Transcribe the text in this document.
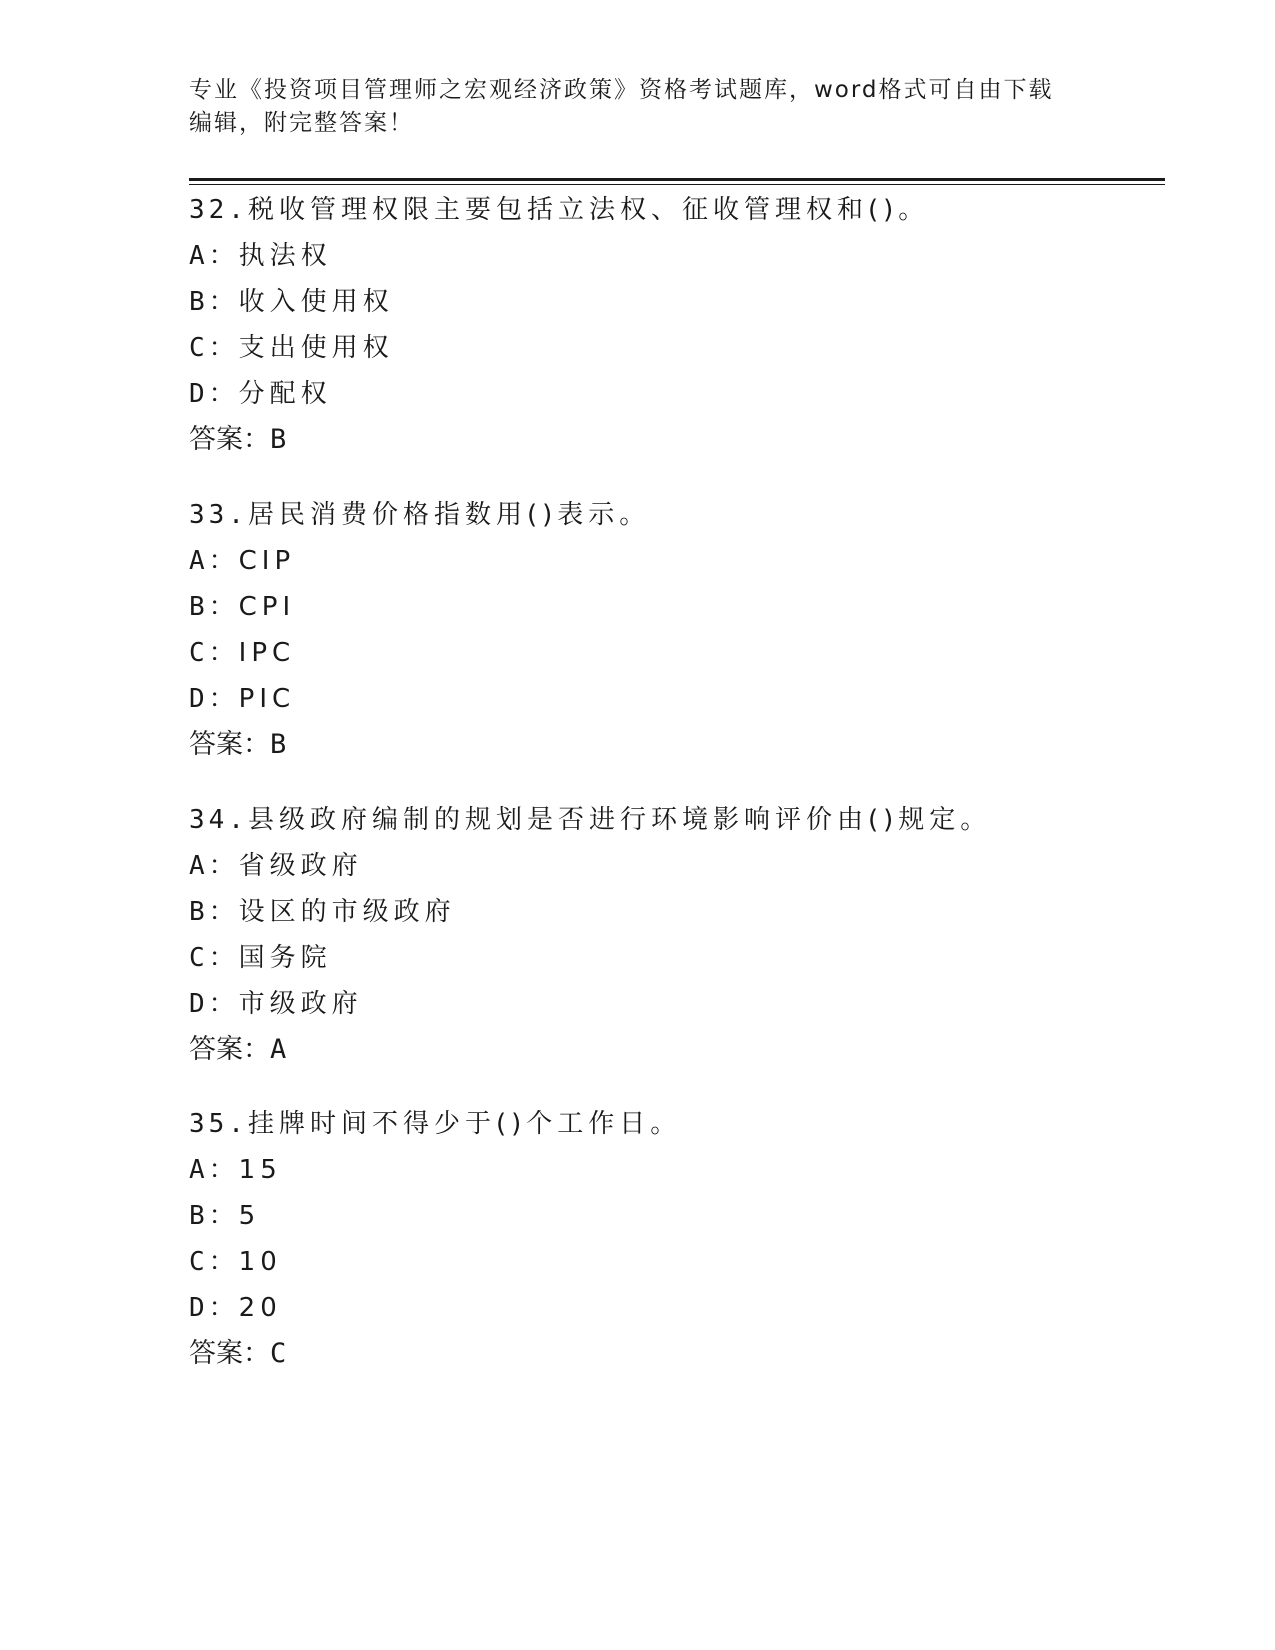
专业《投资项目管理师之宏观经济政策》资格考试题库，word格式可自由下载编辑，附完整答案！
32.税收管理权限主要包括立法权、征收管理权和()。
A：执法权
B：收入使用权
C：支出使用权
D：分配权
答案：B
33.居民消费价格指数用()表示。
A：CIP
B：CPI
C：IPC
D：PIC
答案：B
34.县级政府编制的规划是否进行环境影响评价由()规定。
A：省级政府
B：设区的市级政府
C：国务院
D：市级政府
答案：A
35.挂牌时间不得少于()个工作日。
A：15
B：5
C：10
D：20
答案：C
